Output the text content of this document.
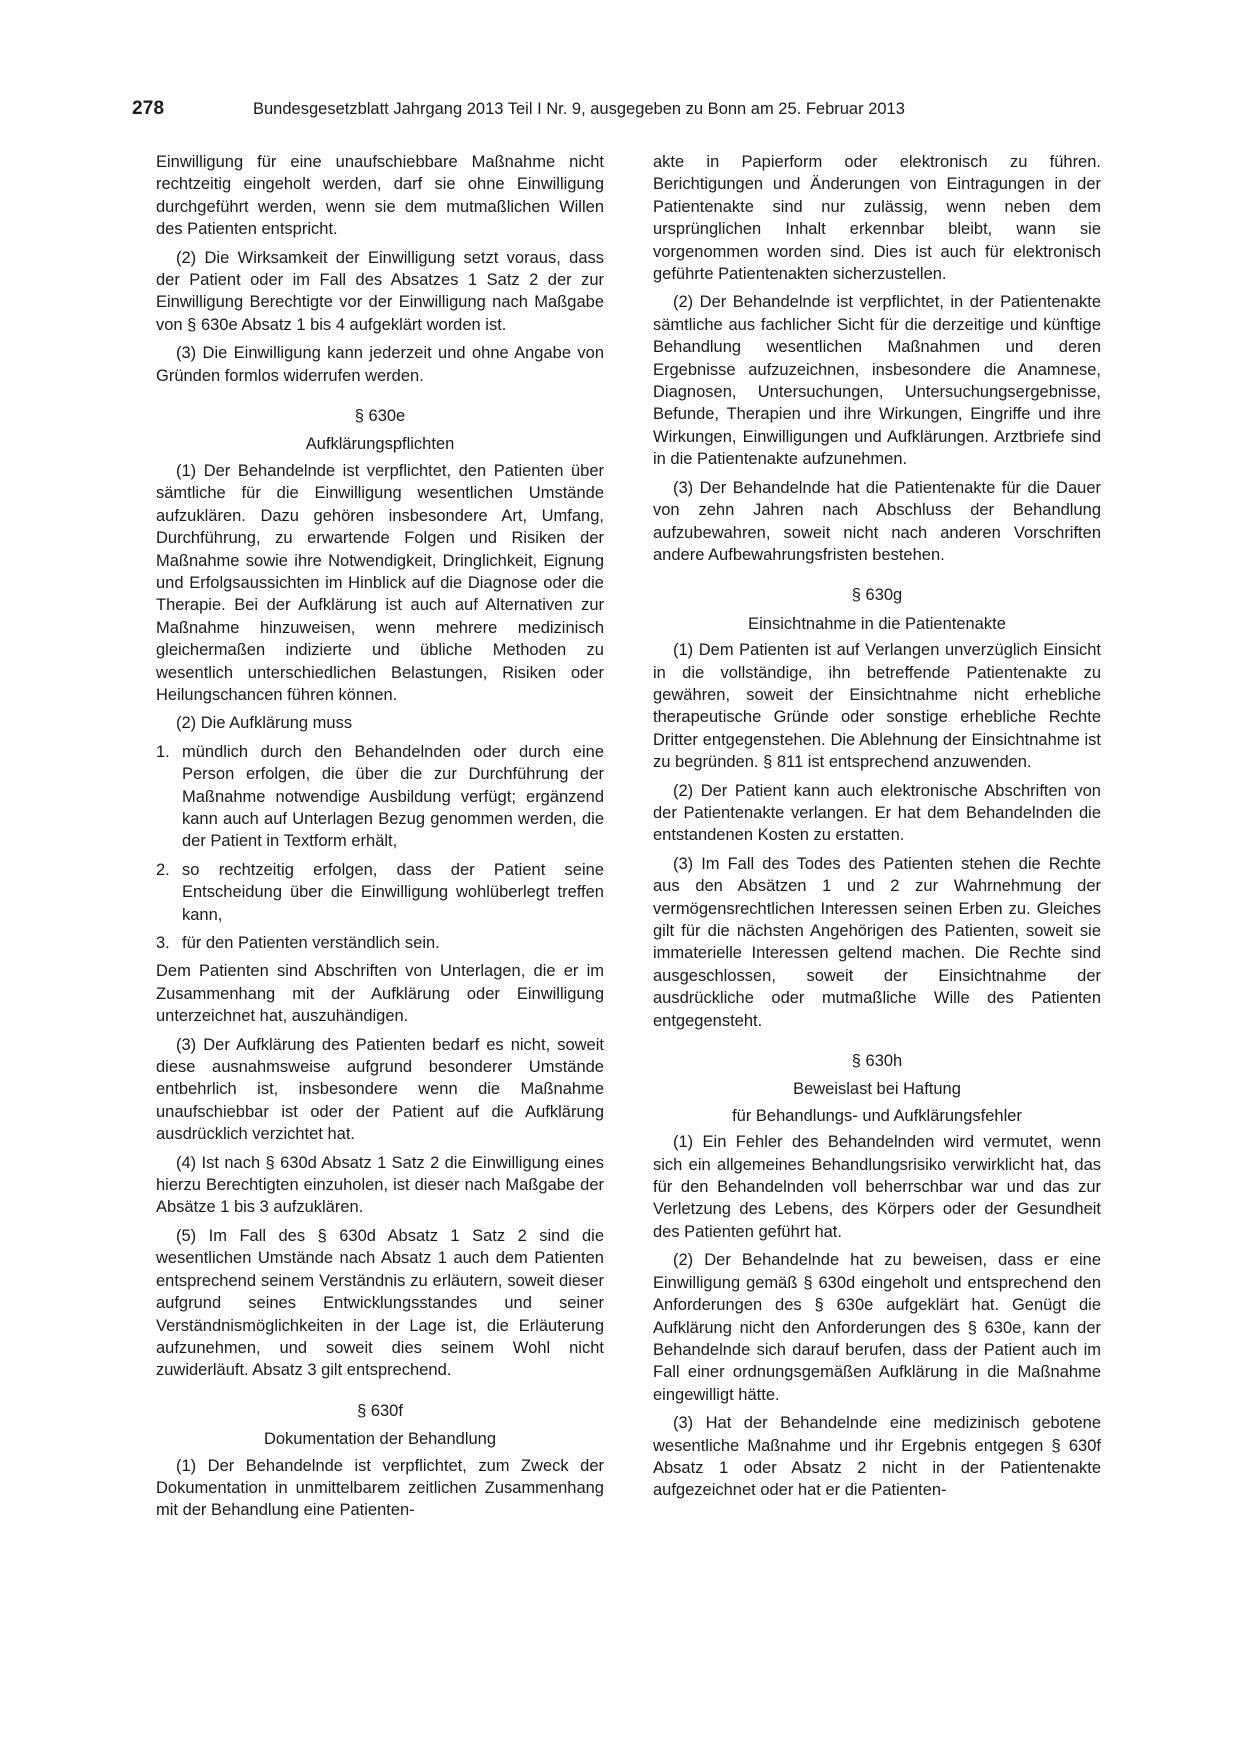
278	Bundesgesetzblatt Jahrgang 2013 Teil I Nr. 9, ausgegeben zu Bonn am 25. Februar 2013

Einwilligung für eine unaufschiebbare Maßnahme nicht rechtzeitig eingeholt werden, darf sie ohne Einwilligung durchgeführt werden, wenn sie dem mutmaßlichen Willen des Patienten entspricht.

(2) Die Wirksamkeit der Einwilligung setzt voraus, dass der Patient oder im Fall des Absatzes 1 Satz 2 der zur Einwilligung Berechtigte vor der Einwilligung nach Maßgabe von § 630e Absatz 1 bis 4 aufgeklärt worden ist.

(3) Die Einwilligung kann jederzeit und ohne Angabe von Gründen formlos widerrufen werden.

§ 630e
Aufklärungspflichten

(1) Der Behandelnde ist verpflichtet, den Patienten über sämtliche für die Einwilligung wesentlichen Umstände aufzuklären. Dazu gehören insbesondere Art, Umfang, Durchführung, zu erwartende Folgen und Risiken der Maßnahme sowie ihre Notwendigkeit, Dringlichkeit, Eignung und Erfolgsaussichten im Hinblick auf die Diagnose oder die Therapie. Bei der Aufklärung ist auch auf Alternativen zur Maßnahme hinzuweisen, wenn mehrere medizinisch gleichermaßen indizierte und übliche Methoden zu wesentlich unterschiedlichen Belastungen, Risiken oder Heilungschancen führen können.

(2) Die Aufklärung muss

1. mündlich durch den Behandelnden oder durch eine Person erfolgen, die über die zur Durchführung der Maßnahme notwendige Ausbildung verfügt; ergänzend kann auch auf Unterlagen Bezug genommen werden, die der Patient in Textform erhält,
2. so rechtzeitig erfolgen, dass der Patient seine Entscheidung über die Einwilligung wohlüberlegt treffen kann,
3. für den Patienten verständlich sein.

Dem Patienten sind Abschriften von Unterlagen, die er im Zusammenhang mit der Aufklärung oder Einwilligung unterzeichnet hat, auszuhändigen.

(3) Der Aufklärung des Patienten bedarf es nicht, soweit diese ausnahmsweise aufgrund besonderer Umstände entbehrlich ist, insbesondere wenn die Maßnahme unaufschiebbar ist oder der Patient auf die Aufklärung ausdrücklich verzichtet hat.

(4) Ist nach § 630d Absatz 1 Satz 2 die Einwilligung eines hierzu Berechtigten einzuholen, ist dieser nach Maßgabe der Absätze 1 bis 3 aufzuklären.

(5) Im Fall des § 630d Absatz 1 Satz 2 sind die wesentlichen Umstände nach Absatz 1 auch dem Patienten entsprechend seinem Verständnis zu erläutern, soweit dieser aufgrund seines Entwicklungsstandes und seiner Verständnismöglichkeiten in der Lage ist, die Erläuterung aufzunehmen, und soweit dies seinem Wohl nicht zuwiderläuft. Absatz 3 gilt entsprechend.

§ 630f
Dokumentation der Behandlung

(1) Der Behandelnde ist verpflichtet, zum Zweck der Dokumentation in unmittelbarem zeitlichen Zusammenhang mit der Behandlung eine Patienten-

akte in Papierform oder elektronisch zu führen. Berichtigungen und Änderungen von Eintragungen in der Patientenakte sind nur zulässig, wenn neben dem ursprünglichen Inhalt erkennbar bleibt, wann sie vorgenommen worden sind. Dies ist auch für elektronisch geführte Patientenakten sicherzustellen.

(2) Der Behandelnde ist verpflichtet, in der Patientenakte sämtliche aus fachlicher Sicht für die derzeitige und künftige Behandlung wesentlichen Maßnahmen und deren Ergebnisse aufzuzeichnen, insbesondere die Anamnese, Diagnosen, Untersuchungen, Untersuchungsergebnisse, Befunde, Therapien und ihre Wirkungen, Eingriffe und ihre Wirkungen, Einwilligungen und Aufklärungen. Arztbriefe sind in die Patientenakte aufzunehmen.

(3) Der Behandelnde hat die Patientenakte für die Dauer von zehn Jahren nach Abschluss der Behandlung aufzubewahren, soweit nicht nach anderen Vorschriften andere Aufbewahrungsfristen bestehen.

§ 630g
Einsichtnahme in die Patientenakte

(1) Dem Patienten ist auf Verlangen unverzüglich Einsicht in die vollständige, ihn betreffende Patientenakte zu gewähren, soweit der Einsichtnahme nicht erhebliche therapeutische Gründe oder sonstige erhebliche Rechte Dritter entgegenstehen. Die Ablehnung der Einsichtnahme ist zu begründen. § 811 ist entsprechend anzuwenden.

(2) Der Patient kann auch elektronische Abschriften von der Patientenakte verlangen. Er hat dem Behandelnden die entstandenen Kosten zu erstatten.

(3) Im Fall des Todes des Patienten stehen die Rechte aus den Absätzen 1 und 2 zur Wahrnehmung der vermögensrechtlichen Interessen seinen Erben zu. Gleiches gilt für die nächsten Angehörigen des Patienten, soweit sie immaterielle Interessen geltend machen. Die Rechte sind ausgeschlossen, soweit der Einsichtnahme der ausdrückliche oder mutmaßliche Wille des Patienten entgegensteht.

§ 630h
Beweislast bei Haftung
für Behandlungs- und Aufklärungsfehler

(1) Ein Fehler des Behandelnden wird vermutet, wenn sich ein allgemeines Behandlungsrisiko verwirklicht hat, das für den Behandelnden voll beherrschbar war und das zur Verletzung des Lebens, des Körpers oder der Gesundheit des Patienten geführt hat.

(2) Der Behandelnde hat zu beweisen, dass er eine Einwilligung gemäß § 630d eingeholt und entsprechend den Anforderungen des § 630e aufgeklärt hat. Genügt die Aufklärung nicht den Anforderungen des § 630e, kann der Behandelnde sich darauf berufen, dass der Patient auch im Fall einer ordnungsgemäßen Aufklärung in die Maßnahme eingewilligt hätte.

(3) Hat der Behandelnde eine medizinisch gebotene wesentliche Maßnahme und ihr Ergebnis entgegen § 630f Absatz 1 oder Absatz 2 nicht in der Patientenakte aufgezeichnet oder hat er die Patienten-
